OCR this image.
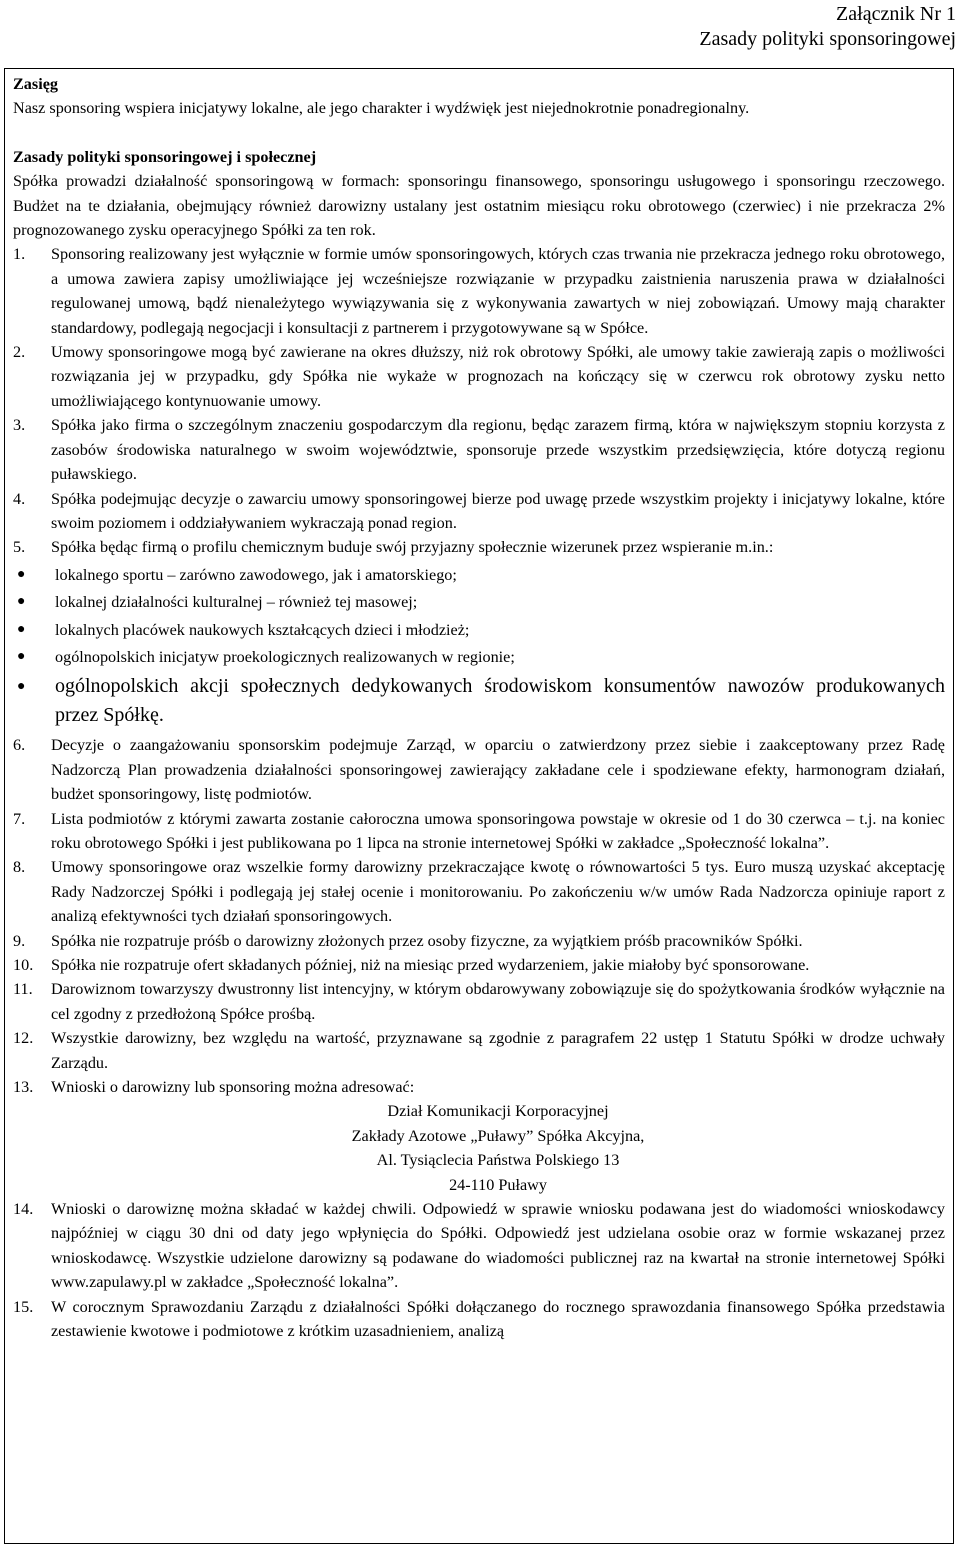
Załącznik Nr 1
Zasady polityki sponsoringowej

Zasięg

Nasz sponsoring wspiera inicjatywy lokalne, ale jego charakter i wydźwięk jest niejednokrotnie ponadregionalny.

Zasady polityki sponsoringowej i społecznej

Spółka prowadzi działalność sponsoringową w formach: sponsoringu finansowego, sponsoringu usługowego i sponsoringu rzeczowego. Budżet na te działania, obejmujący również darowizny ustalany jest ostatnim miesiącu roku obrotowego (czerwiec) i nie przekracza 2% prognozowanego zysku operacyjnego Spółki za ten rok.

1.	Sponsoring realizowany jest wyłącznie w formie umów sponsoringowych, których czas trwania nie przekracza jednego roku obrotowego, a umowa zawiera zapisy umożliwiające jej wcześniejsze rozwiązanie w przypadku zaistnienia naruszenia prawa w działalności regulowanej umową, bądź nienależytego wywiązywania się z wykonywania zawartych w niej zobowiązań. Umowy mają charakter standardowy, podlegają negocjacji i konsultacji z partnerem i przygotowywane są w Spółce.
2.	Umowy sponsoringowe mogą być zawierane na okres dłuższy, niż rok obrotowy Spółki, ale umowy takie zawierają zapis o możliwości rozwiązania jej w przypadku, gdy Spółka nie wykaże w prognozach na kończący się w czerwcu rok obrotowy zysku netto umożliwiającego kontynuowanie umowy.
3.	Spółka jako firma o szczególnym znaczeniu gospodarczym dla regionu, będąc zarazem firmą, która w największym stopniu korzysta z zasobów środowiska naturalnego w swoim województwie, sponsoruje przede wszystkim przedsięwzięcia, które dotyczą regionu puławskiego.
4.	Spółka podejmując decyzje o zawarciu umowy sponsoringowej bierze pod uwagę przede wszystkim projekty i inicjatywy lokalne, które swoim poziomem i oddziaływaniem wykraczają ponad region.
5.	Spółka będąc firmą o profilu chemicznym buduje swój przyjazny społecznie wizerunek przez wspieranie m.in.:
●	lokalnego sportu – zarówno zawodowego, jak i amatorskiego;
●	lokalnej działalności kulturalnej – również tej masowej;
●	lokalnych placówek naukowych kształcących dzieci i młodzież;
●	ogólnopolskich inicjatyw proekologicznych realizowanych w regionie;
●	ogólnopolskich akcji społecznych dedykowanych środowiskom konsumentów nawozów produkowanych przez Spółkę.
6.	Decyzje o zaangażowaniu sponsorskim podejmuje Zarząd, w oparciu o zatwierdzony przez siebie i zaakceptowany przez Radę Nadzorczą Plan prowadzenia działalności sponsoringowej zawierający zakładane cele i spodziewane efekty, harmonogram działań, budżet sponsoringowy, listę podmiotów.
7.	Lista podmiotów z którymi zawarta zostanie całoroczna umowa sponsoringowa powstaje w okresie od 1 do 30 czerwca – t.j. na koniec roku obrotowego Spółki i jest publikowana po 1 lipca na stronie internetowej Spółki w zakładce „Społeczność lokalna”.
8.	Umowy sponsoringowe oraz wszelkie formy darowizny przekraczające kwotę o równowartości 5 tys. Euro muszą uzyskać akceptację Rady Nadzorczej Spółki i podlegają jej stałej ocenie i monitorowaniu. Po zakończeniu w/w umów Rada Nadzorcza opiniuje raport z analizą efektywności tych działań sponsoringowych.
9.	Spółka nie rozpatruje próśb o darowizny złożonych przez osoby fizyczne, za wyjątkiem próśb pracowników Spółki.
10.	Spółka nie rozpatruje ofert składanych później, niż na miesiąc przed wydarzeniem, jakie miałoby być sponsorowane.
11.	Darowiznom towarzyszy dwustronny list intencyjny, w którym obdarowywany zobowiązuje się do spożytkowania środków wyłącznie na cel zgodny z przedłożoną Spółce prośbą.
12.	Wszystkie darowizny, bez względu na wartość, przyznawane są zgodnie z paragrafem 22 ustęp 1 Statutu Spółki w drodze uchwały Zarządu.
13.	Wnioski o darowizny lub sponsoring można adresować:
Dział Komunikacji Korporacyjnej
Zakłady Azotowe „Puławy” Spółka Akcyjna,
Al. Tysiąclecia Państwa Polskiego 13
24-110 Puławy
14.	Wnioski o darowiznę można składać w każdej chwili. Odpowiedź w sprawie wniosku podawana jest do wiadomości wnioskodawcy najpóźniej w ciągu 30 dni od daty jego wpłynięcia do Spółki. Odpowiedź jest udzielana osobie oraz w formie wskazanej przez wnioskodawcę. Wszystkie udzielone darowizny są podawane do wiadomości publicznej raz na kwartał na stronie internetowej Spółki www.zapulawy.pl w zakładce „Społeczność lokalna”.
15.	W corocznym Sprawozdaniu Zarządu z działalności Spółki dołączanego do rocznego sprawozdania finansowego Spółka przedstawia zestawienie kwotowe i podmiotowe z krótkim uzasadnieniem, analizą
